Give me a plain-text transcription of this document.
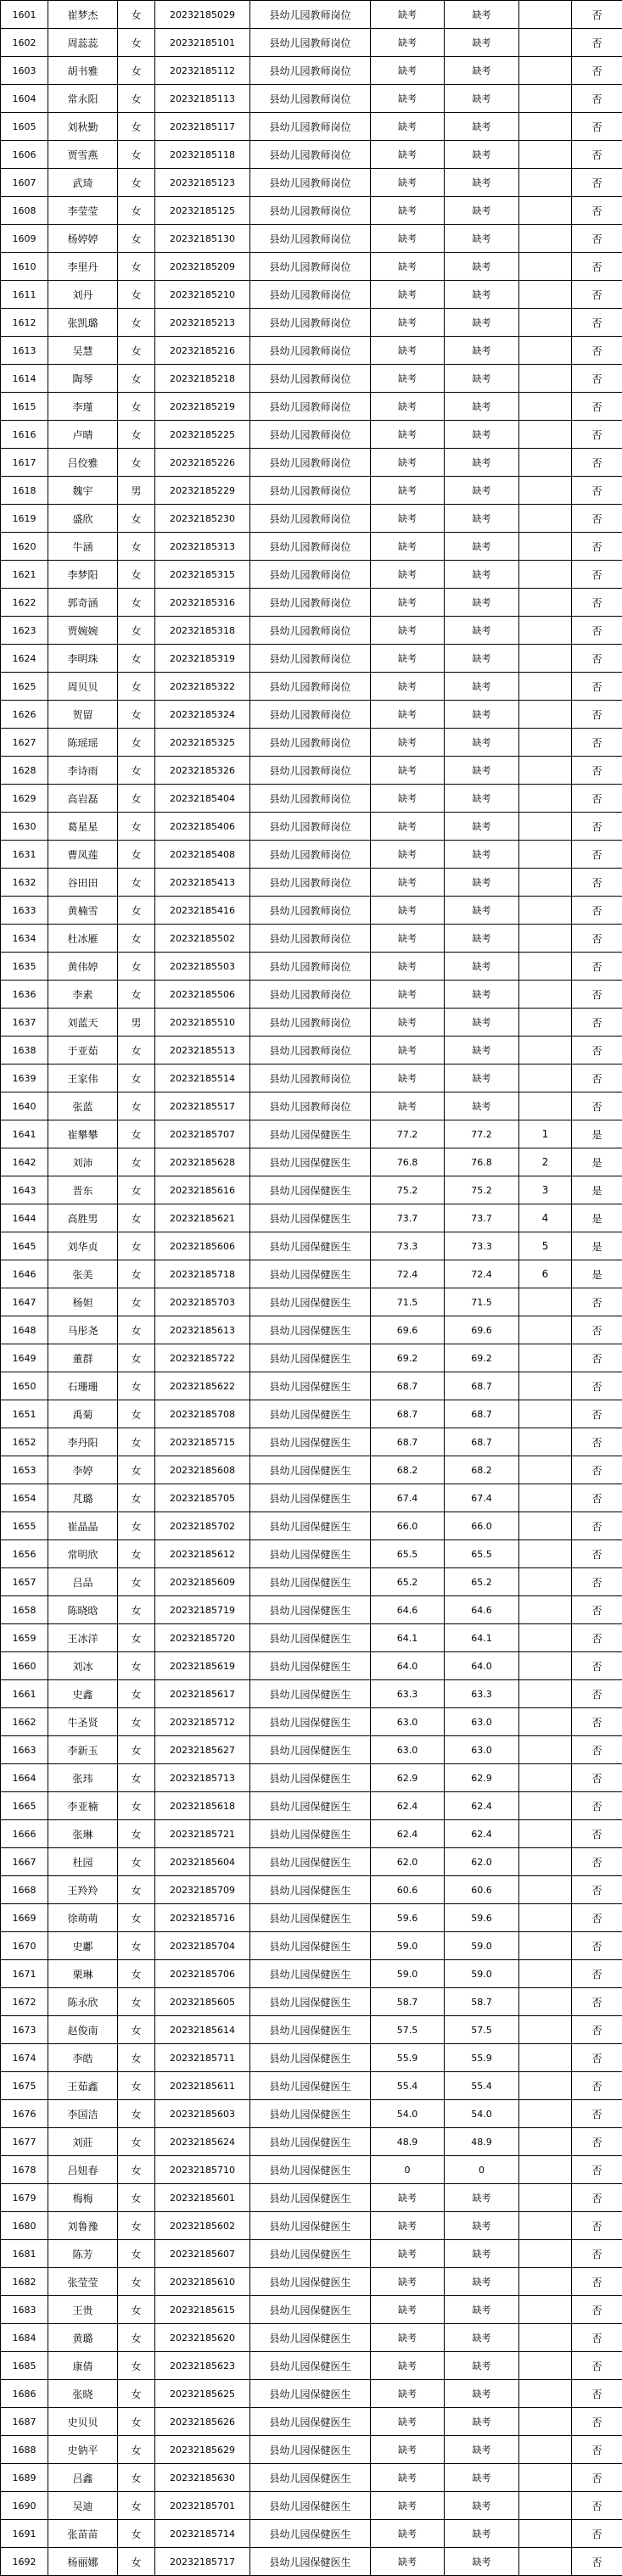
1601	崔梦杰	女	20232185029	县幼儿园教师岗位	缺考	缺考		否
1602	周蕊蕊	女	20232185101	县幼儿园教师岗位	缺考	缺考		否
1603	胡书雅	女	20232185112	县幼儿园教师岗位	缺考	缺考		否
1604	常永阳	女	20232185113	县幼儿园教师岗位	缺考	缺考		否
1605	刘秋勤	女	20232185117	县幼儿园教师岗位	缺考	缺考		否
1606	贾雪燕	女	20232185118	县幼儿园教师岗位	缺考	缺考		否
1607	武琦	女	20232185123	县幼儿园教师岗位	缺考	缺考		否
1608	李莹莹	女	20232185125	县幼儿园教师岗位	缺考	缺考		否
1609	杨婷婷	女	20232185130	县幼儿园教师岗位	缺考	缺考		否
1610	李里丹	女	20232185209	县幼儿园教师岗位	缺考	缺考		否
1611	刘丹	女	20232185210	县幼儿园教师岗位	缺考	缺考		否
1612	张凯璐	女	20232185213	县幼儿园教师岗位	缺考	缺考		否
1613	吴慧	女	20232185216	县幼儿园教师岗位	缺考	缺考		否
1614	陶琴	女	20232185218	县幼儿园教师岗位	缺考	缺考		否
1615	李瑾	女	20232185219	县幼儿园教师岗位	缺考	缺考		否
1616	卢晴	女	20232185225	县幼儿园教师岗位	缺考	缺考		否
1617	吕佼雅	女	20232185226	县幼儿园教师岗位	缺考	缺考		否
1618	魏宇	男	20232185229	县幼儿园教师岗位	缺考	缺考		否
1619	盛欣	女	20232185230	县幼儿园教师岗位	缺考	缺考		否
1620	牛涵	女	20232185313	县幼儿园教师岗位	缺考	缺考		否
1621	李梦阳	女	20232185315	县幼儿园教师岗位	缺考	缺考		否
1622	郭奇涵	女	20232185316	县幼儿园教师岗位	缺考	缺考		否
1623	贾婉婉	女	20232185318	县幼儿园教师岗位	缺考	缺考		否
1624	李明珠	女	20232185319	县幼儿园教师岗位	缺考	缺考		否
1625	周贝贝	女	20232185322	县幼儿园教师岗位	缺考	缺考		否
1626	贺留	女	20232185324	县幼儿园教师岗位	缺考	缺考		否
1627	陈瑶瑶	女	20232185325	县幼儿园教师岗位	缺考	缺考		否
1628	李诗雨	女	20232185326	县幼儿园教师岗位	缺考	缺考		否
1629	高岩磊	女	20232185404	县幼儿园教师岗位	缺考	缺考		否
1630	葛星星	女	20232185406	县幼儿园教师岗位	缺考	缺考		否
1631	曹凤莲	女	20232185408	县幼儿园教师岗位	缺考	缺考		否
1632	谷田田	女	20232185413	县幼儿园教师岗位	缺考	缺考		否
1633	黄楠雪	女	20232185416	县幼儿园教师岗位	缺考	缺考		否
1634	杜冰雁	女	20232185502	县幼儿园教师岗位	缺考	缺考		否
1635	黄伟婷	女	20232185503	县幼儿园教师岗位	缺考	缺考		否
1636	李素	女	20232185506	县幼儿园教师岗位	缺考	缺考		否
1637	刘蓝天	男	20232185510	县幼儿园教师岗位	缺考	缺考		否
1638	于亚茹	女	20232185513	县幼儿园教师岗位	缺考	缺考		否
1639	王家伟	女	20232185514	县幼儿园教师岗位	缺考	缺考		否
1640	张蓝	女	20232185517	县幼儿园教师岗位	缺考	缺考		否
1641	崔攀攀	女	20232185707	县幼儿园保健医生	77.2	77.2	1	是
1642	刘沛	女	20232185628	县幼儿园保健医生	76.8	76.8	2	是
1643	晋东	女	20232185616	县幼儿园保健医生	75.2	75.2	3	是
1644	高胜男	女	20232185621	县幼儿园保健医生	73.7	73.7	4	是
1645	刘华贞	女	20232185606	县幼儿园保健医生	73.3	73.3	5	是
1646	张美	女	20232185718	县幼儿园保健医生	72.4	72.4	6	是
1647	杨妲	女	20232185703	县幼儿园保健医生	71.5	71.5		否
1648	马彤尧	女	20232185613	县幼儿园保健医生	69.6	69.6		否
1649	董群	女	20232185722	县幼儿园保健医生	69.2	69.2		否
1650	石珊珊	女	20232185622	县幼儿园保健医生	68.7	68.7		否
1651	禹菊	女	20232185708	县幼儿园保健医生	68.7	68.7		否
1652	李丹阳	女	20232185715	县幼儿园保健医生	68.7	68.7		否
1653	李婷	女	20232185608	县幼儿园保健医生	68.2	68.2		否
1654	芃璐	女	20232185705	县幼儿园保健医生	67.4	67.4		否
1655	崔晶晶	女	20232185702	县幼儿园保健医生	66.0	66.0		否
1656	常明欣	女	20232185612	县幼儿园保健医生	65.5	65.5		否
1657	吕品	女	20232185609	县幼儿园保健医生	65.2	65.2		否
1658	陈晓晗	女	20232185719	县幼儿园保健医生	64.6	64.6		否
1659	王冰洋	女	20232185720	县幼儿园保健医生	64.1	64.1		否
1660	刘冰	女	20232185619	县幼儿园保健医生	64.0	64.0		否
1661	史鑫	女	20232185617	县幼儿园保健医生	63.3	63.3		否
1662	牛圣贤	女	20232185712	县幼儿园保健医生	63.0	63.0		否
1663	李新玉	女	20232185627	县幼儿园保健医生	63.0	63.0		否
1664	张玮	女	20232185713	县幼儿园保健医生	62.9	62.9		否
1665	李亚楠	女	20232185618	县幼儿园保健医生	62.4	62.4		否
1666	张琳	女	20232185721	县幼儿园保健医生	62.4	62.4		否
1667	杜园	女	20232185604	县幼儿园保健医生	62.0	62.0		否
1668	王羚羚	女	20232185709	县幼儿园保健医生	60.6	60.6		否
1669	徐萌萌	女	20232185716	县幼儿园保健医生	59.6	59.6		否
1670	史鄘	女	20232185704	县幼儿园保健医生	59.0	59.0		否
1671	栗琳	女	20232185706	县幼儿园保健医生	59.0	59.0		否
1672	陈永欣	女	20232185605	县幼儿园保健医生	58.7	58.7		否
1673	赵俊南	女	20232185614	县幼儿园保健医生	57.5	57.5		否
1674	李皓	女	20232185711	县幼儿园保健医生	55.9	55.9		否
1675	王茹鑫	女	20232185611	县幼儿园保健医生	55.4	55.4		否
1676	李国洁	女	20232185603	县幼儿园保健医生	54.0	54.0		否
1677	刘莊	女	20232185624	县幼儿园保健医生	48.9	48.9		否
1678	吕妞春	女	20232185710	县幼儿园保健医生	0	0		否
1679	梅梅	女	20232185601	县幼儿园保健医生	缺考	缺考		否
1680	刘鲁豫	女	20232185602	县幼儿园保健医生	缺考	缺考		否
1681	陈芳	女	20232185607	县幼儿园保健医生	缺考	缺考		否
1682	张莹莹	女	20232185610	县幼儿园保健医生	缺考	缺考		否
1683	王贵	女	20232185615	县幼儿园保健医生	缺考	缺考		否
1684	黄璐	女	20232185620	县幼儿园保健医生	缺考	缺考		否
1685	康倩	女	20232185623	县幼儿园保健医生	缺考	缺考		否
1686	张晓	女	20232185625	县幼儿园保健医生	缺考	缺考		否
1687	史贝贝	女	20232185626	县幼儿园保健医生	缺考	缺考		否
1688	史钠平	女	20232185629	县幼儿园保健医生	缺考	缺考		否
1689	吕鑫	女	20232185630	县幼儿园保健医生	缺考	缺考		否
1690	吴迪	女	20232185701	县幼儿园保健医生	缺考	缺考		否
1691	张苗苗	女	20232185714	县幼儿园保健医生	缺考	缺考		否
1692	杨丽娜	女	20232185717	县幼儿园保健医生	缺考	缺考		否
